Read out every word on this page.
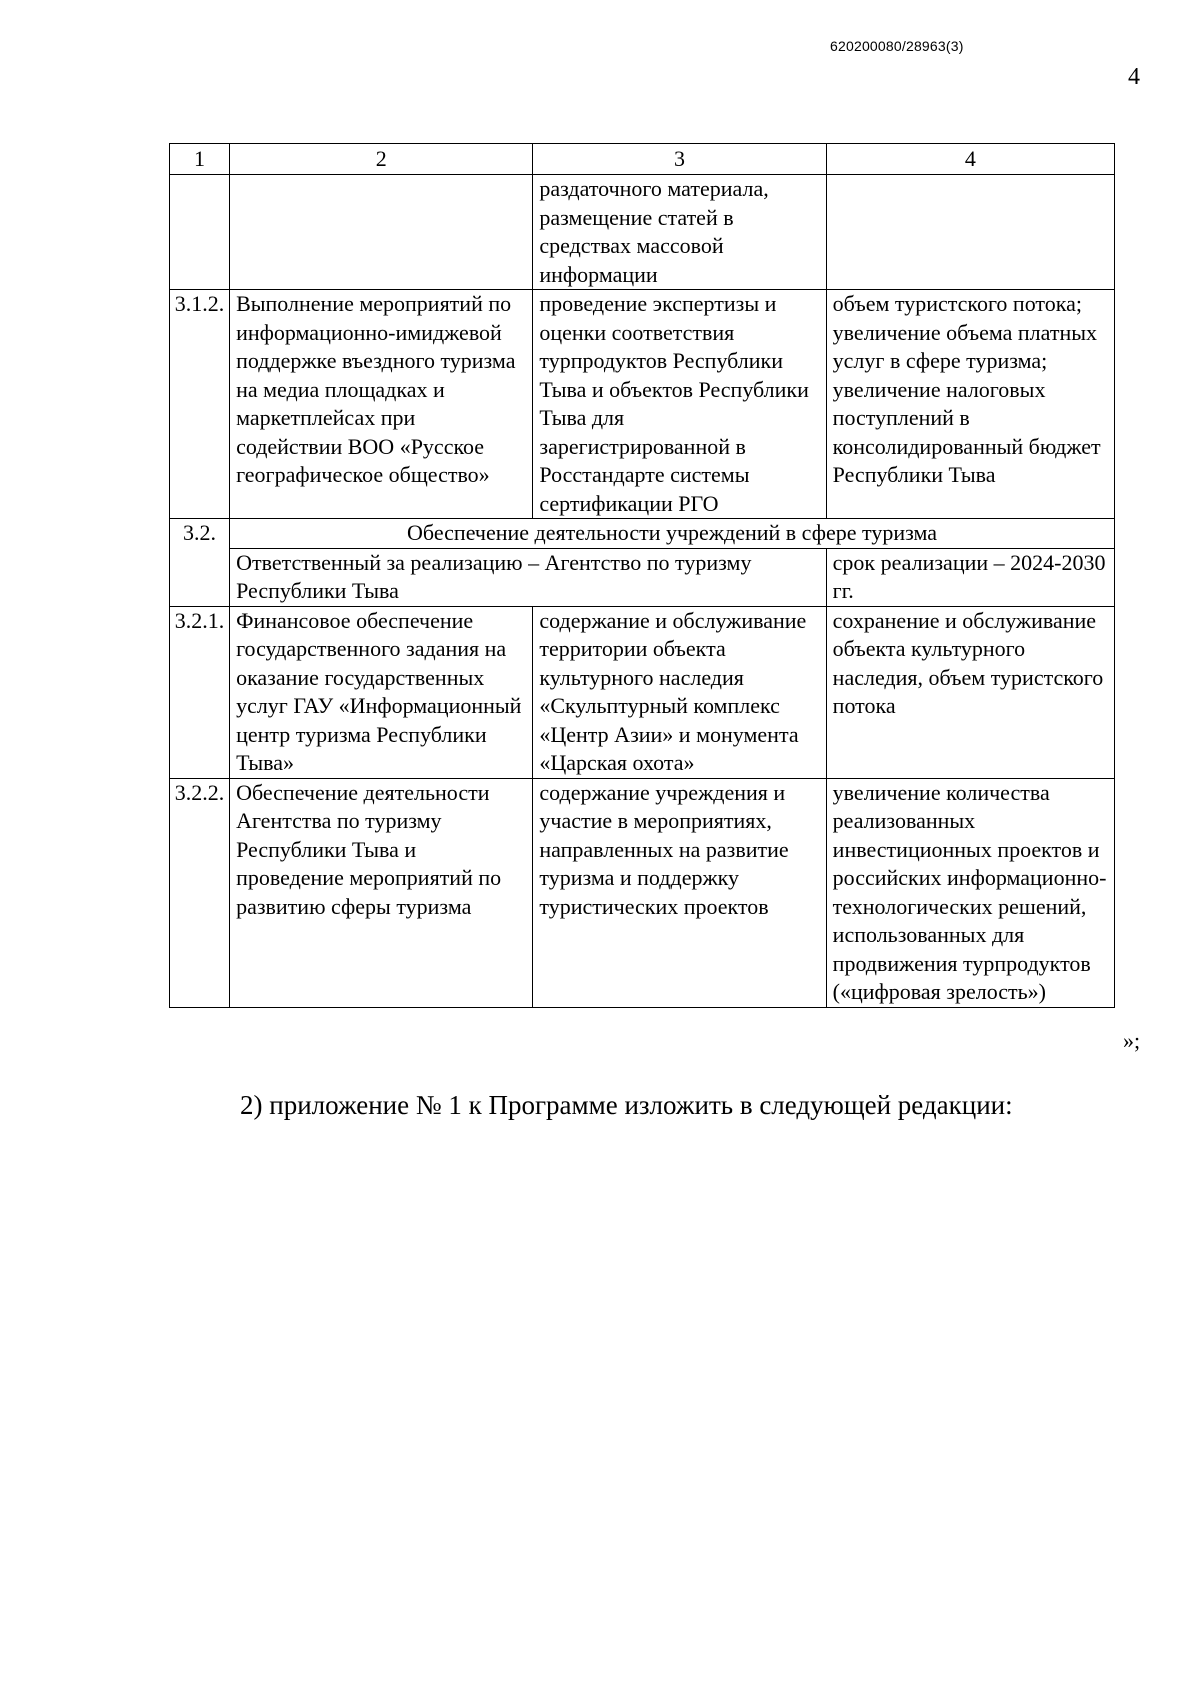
620200080/28963(3)
4
1	2	3	4
		раздаточного материала, размещение статей в средствах массовой информации	
3.1.2.	Выполнение мероприятий по информационно-имиджевой поддержке въездного туризма на медиа площадках и маркетплейсах при содействии ВОО «Русское географическое общество»	проведение экспертизы и оценки соответствия турпродуктов Республики Тыва и объектов Республики Тыва для зарегистрированной в Росстандарте системы сертификации РГО	объем туристского потока; увеличение объема платных услуг в сфере туризма; увеличение налоговых поступлений в консолидированный бюджет Республики Тыва
3.2.	Обеспечение деятельности учреждений в сфере туризма		
	Ответственный за реализацию – Агентство по туризму Республики Тыва		срок реализации – 2024-2030 гг.
3.2.1.	Финансовое обеспечение государственного задания на оказание государственных услуг ГАУ «Информационный центр туризма Республики Тыва»	содержание и обслуживание территории объекта культурного наследия «Скульптурный комплекс «Центр Азии» и монумента «Царская охота»	сохранение и обслуживание объекта культурного наследия, объем туристского потока
3.2.2.	Обеспечение деятельности Агентства по туризму Республики Тыва и проведение мероприятий по развитию сферы туризма	содержание учреждения и участие в мероприятиях, направленных на развитие туризма и поддержку туристических проектов	увеличение количества реализованных инвестиционных проектов и российских информационно-технологических решений, использованных для продвижения турпродуктов («цифровая зрелость»)
»;
2) приложение № 1 к Программе изложить в следующей редакции:
